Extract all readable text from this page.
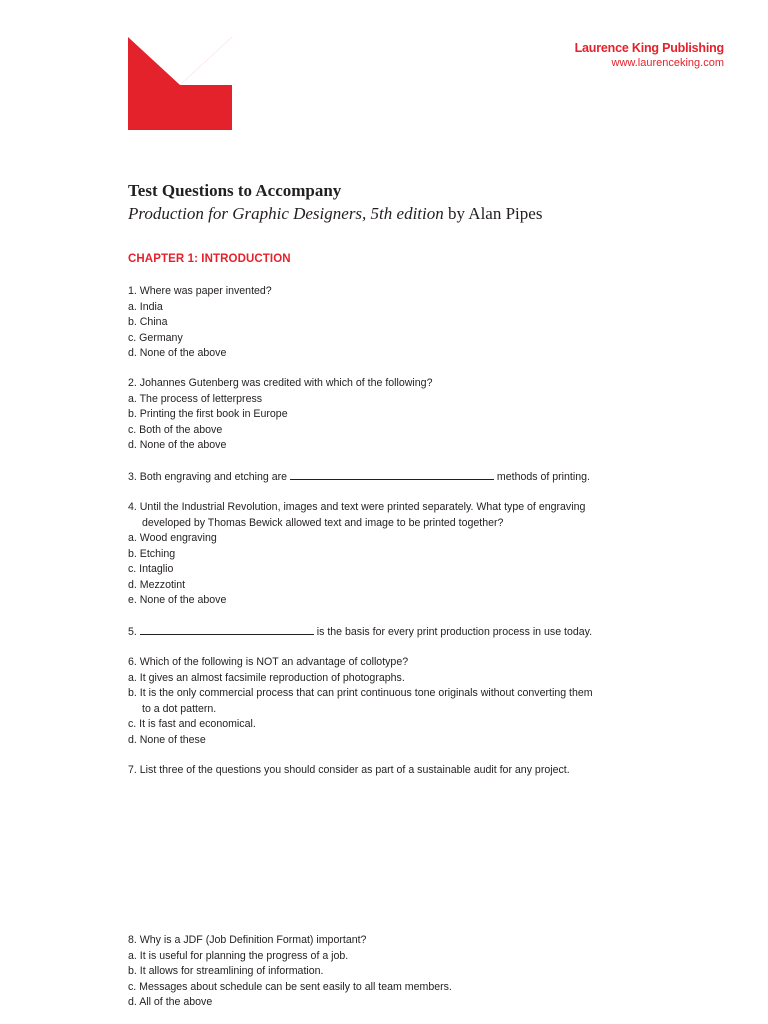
Laurence King Publishing
www.laurenceking.com
Test Questions to Accompany
Production for Graphic Designers, 5th edition by Alan Pipes
CHAPTER 1: INTRODUCTION
1. Where was paper invented?
a. India
b. China
c. Germany
d. None of the above
2. Johannes Gutenberg was credited with which of the following?
a. The process of letterpress
b. Printing the first book in Europe
c. Both of the above
d. None of the above
3. Both engraving and etching are	methods of printing.
4. Until the Industrial Revolution, images and text were printed separately. What type of engraving
developed by Thomas Bewick allowed text and image to be printed together?
a. Wood engraving
b. Etching
c. Intaglio
d. Mezzotint
e. None of the above
5.	is the basis for every print production process in use today.
6. Which of the following is NOT an advantage of collotype?
a. It gives an almost facsimile reproduction of photographs.
b. It is the only commercial process that can print continuous tone originals without converting them
to a dot pattern.
c. It is fast and economical.
d. None of these
7. List three of the questions you should consider as part of a sustainable audit for any project.
8. Why is a JDF (Job Definition Format) important?
a. It is useful for planning the progress of a job.
b. It allows for streamlining of information.
c. Messages about schedule can be sent easily to all team members.
d. All of the above
